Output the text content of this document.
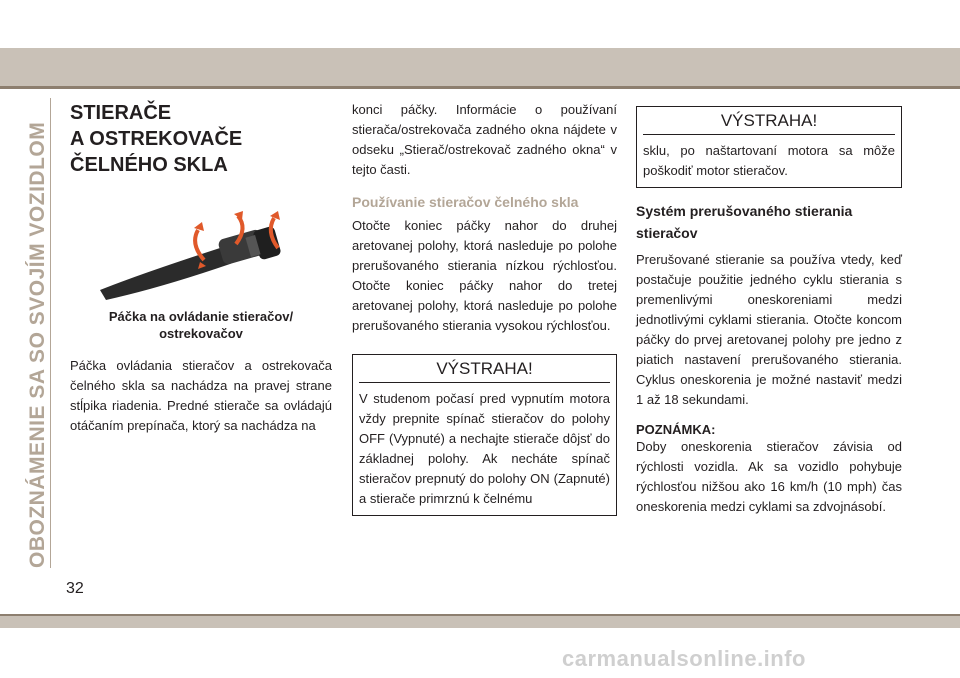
OBOZNÁMENIE SA SO SVOJÍM VOZIDLOM
32
STIERAČE
A OSTREKOVAČE
ČELNÉHO SKLA
Páčka na ovládanie stieračov/
ostrekovačov

Páčka ovládania stieračov a ostrekovača čelného skla sa nachádza na pravej strane stĺpika riadenia. Predné stierače sa ovládajú otáčaním prepínača, ktorý sa nachádza na

konci páčky. Informácie o používaní stierača/ostrekovača zadného okna nájdete v odseku „Stierač/ostrekovač zadného okna“ v tejto časti.

Používanie stieračov čelného skla

Otočte koniec páčky nahor do druhej aretovanej polohy, ktorá nasleduje po polohe prerušovaného stierania nízkou rýchlosťou. Otočte koniec páčky nahor do tretej aretovanej polohy, ktorá nasleduje po polohe prerušovaného stierania vysokou rýchlosťou.

VÝSTRAHA!
V studenom počasí pred vypnutím motora vždy prepnite spínač stieračov do polohy OFF (Vypnuté) a nechajte stierače dôjsť do základnej polohy. Ak necháte spínač stieračov prepnutý do polohy ON (Zapnuté) a stierače primrznú k čelnému
VÝSTRAHA!
sklu, po naštartovaní motora sa môže poškodiť motor stieračov.
Systém prerušovaného stierania stieračov

Prerušované stieranie sa používa vtedy, keď postačuje použitie jedného cyklu stierania s premenlivými oneskoreniami medzi jednotlivými cyklami stierania. Otočte koncom páčky do prvej aretovanej polohy pre jedno z piatich nastavení prerušovaného stierania. Cyklus oneskorenia je možné nastaviť medzi 1 až 18 sekundami.

POZNÁMKA:

Doby oneskorenia stieračov závisia od rýchlosti vozidla. Ak sa vozidlo pohybuje rýchlosťou nižšou ako 16 km/h (10 mph) čas oneskorenia medzi cyklami sa zdvojnásobí.

carmanualsonline.info
